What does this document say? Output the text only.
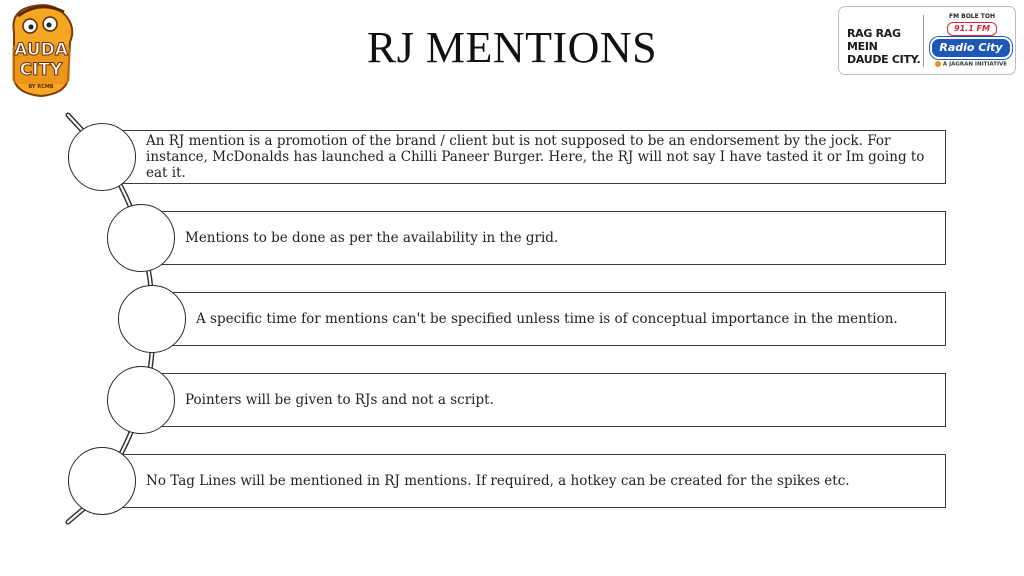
AUDA
CITY
BY RCMB
RJ MENTIONS	RAG RAG MEIN
DAUDE CITY.
FM BOLE TOH
91.1 FM
Radio City
A JAGRAN INITIATIVE
An RJ mention is a promotion of the brand / client but is not supposed to be an endorsement by the jock. For instance, McDonalds has launched a Chilli Paneer Burger. Here, the RJ will not say I have tasted it or Im going to eat it.
Mentions to be done as per the availability in the grid.
A specific time for mentions can't be specified unless time is of conceptual importance in the mention.
Pointers will be given to RJs and not a script.
No Tag Lines will be mentioned in RJ mentions. If required, a hotkey can be created for the spikes etc.
